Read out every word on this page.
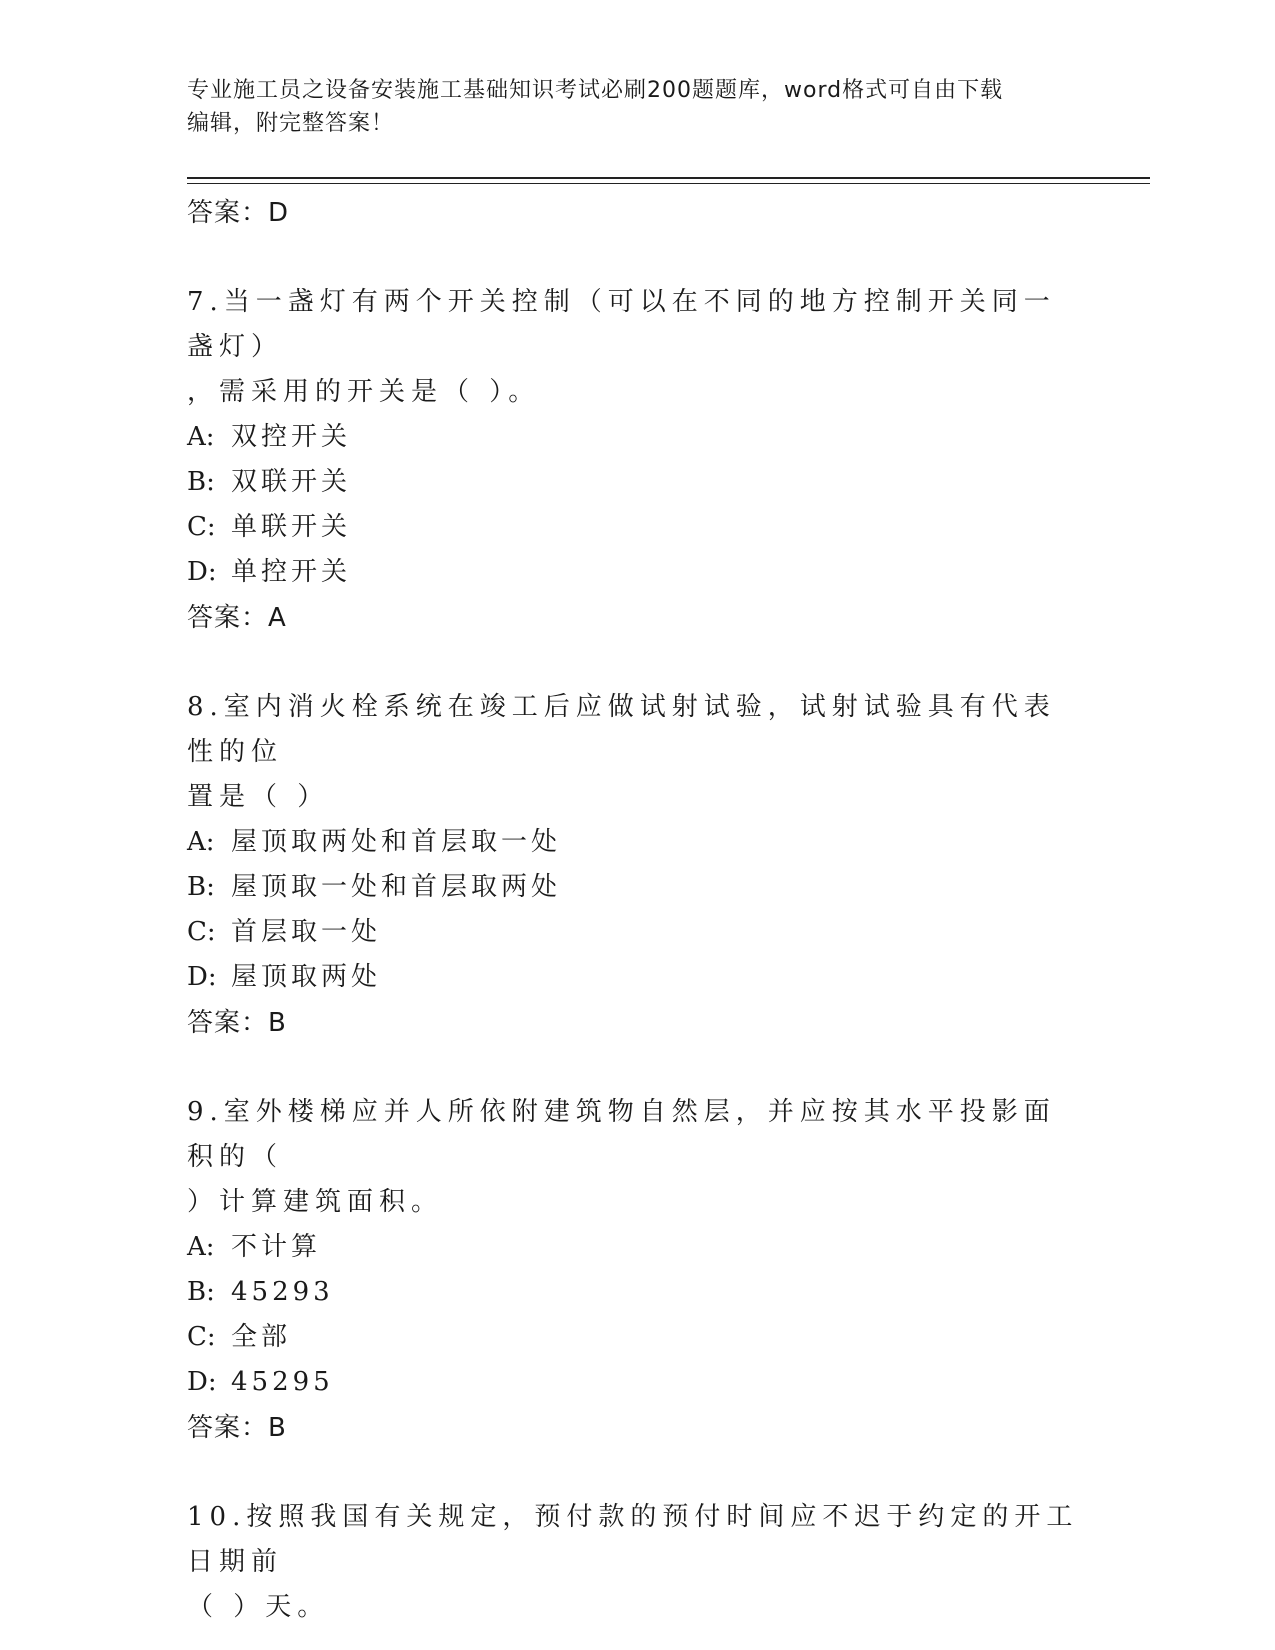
专业施工员之设备安装施工基础知识考试必刷200题题库，word格式可自由下载
编辑，附完整答案！
答案：D
7.当一盏灯有两个开关控制（可以在不同的地方控制开关同一盏灯）
，需采用的开关是（ ）。
A: 双控开关
B: 双联开关
C: 单联开关
D: 单控开关
答案：A
8.室内消火栓系统在竣工后应做试射试验，试射试验具有代表性的位
置是（ ）
A: 屋顶取两处和首层取一处
B: 屋顶取一处和首层取两处
C: 首层取一处
D: 屋顶取两处
答案：B
9.室外楼梯应并人所依附建筑物自然层，并应按其水平投影面积的（
）计算建筑面积。
A: 不计算
B: 45293
C: 全部
D: 45295
答案：B
10.按照我国有关规定，预付款的预付时间应不迟于约定的开工日期前
（ ）天。
